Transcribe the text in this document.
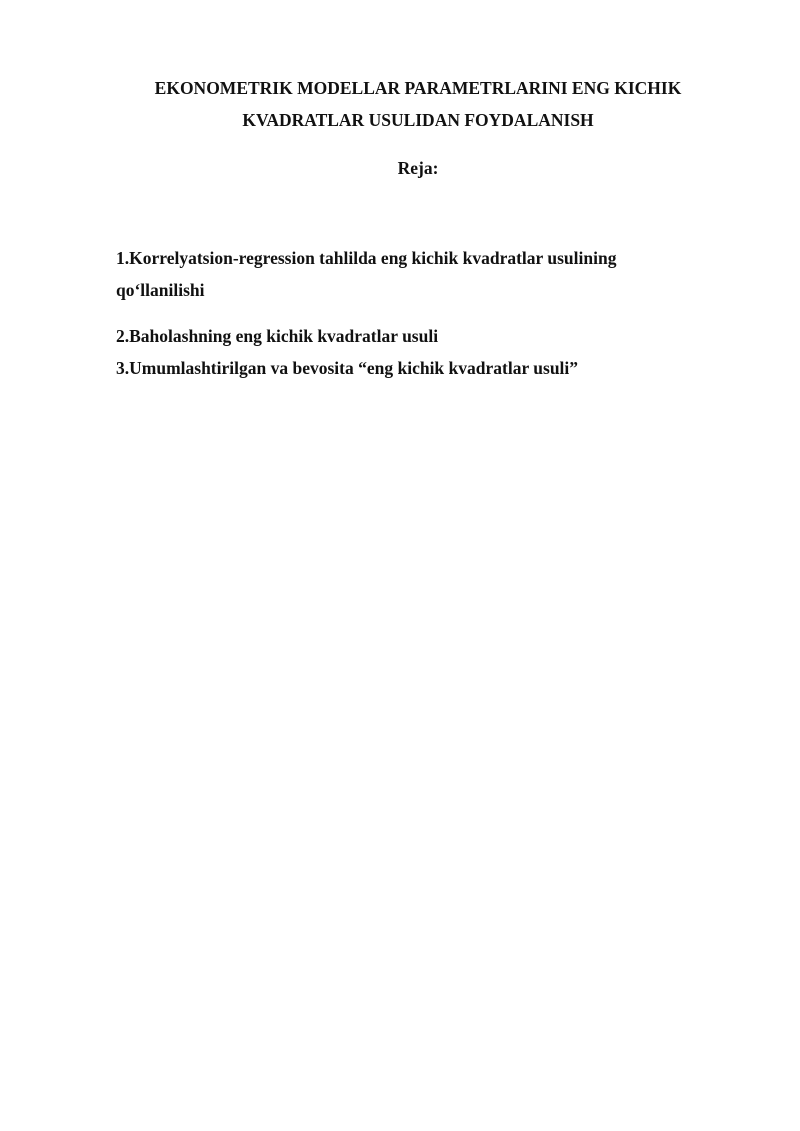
EKONOMETRIK MODELLAR PARAMETRLARINI ENG KICHIK
KVADRATLAR USULIDAN FOYDALANISH
Reja:
1.Korrelyatsion-regression tahlilda eng kichik kvadratlar usulining
qo‘llanilishi
2.Baholashning eng kichik kvadratlar usuli
3.Umumlashtirilgan va bevosita “eng kichik kvadratlar usuli”
